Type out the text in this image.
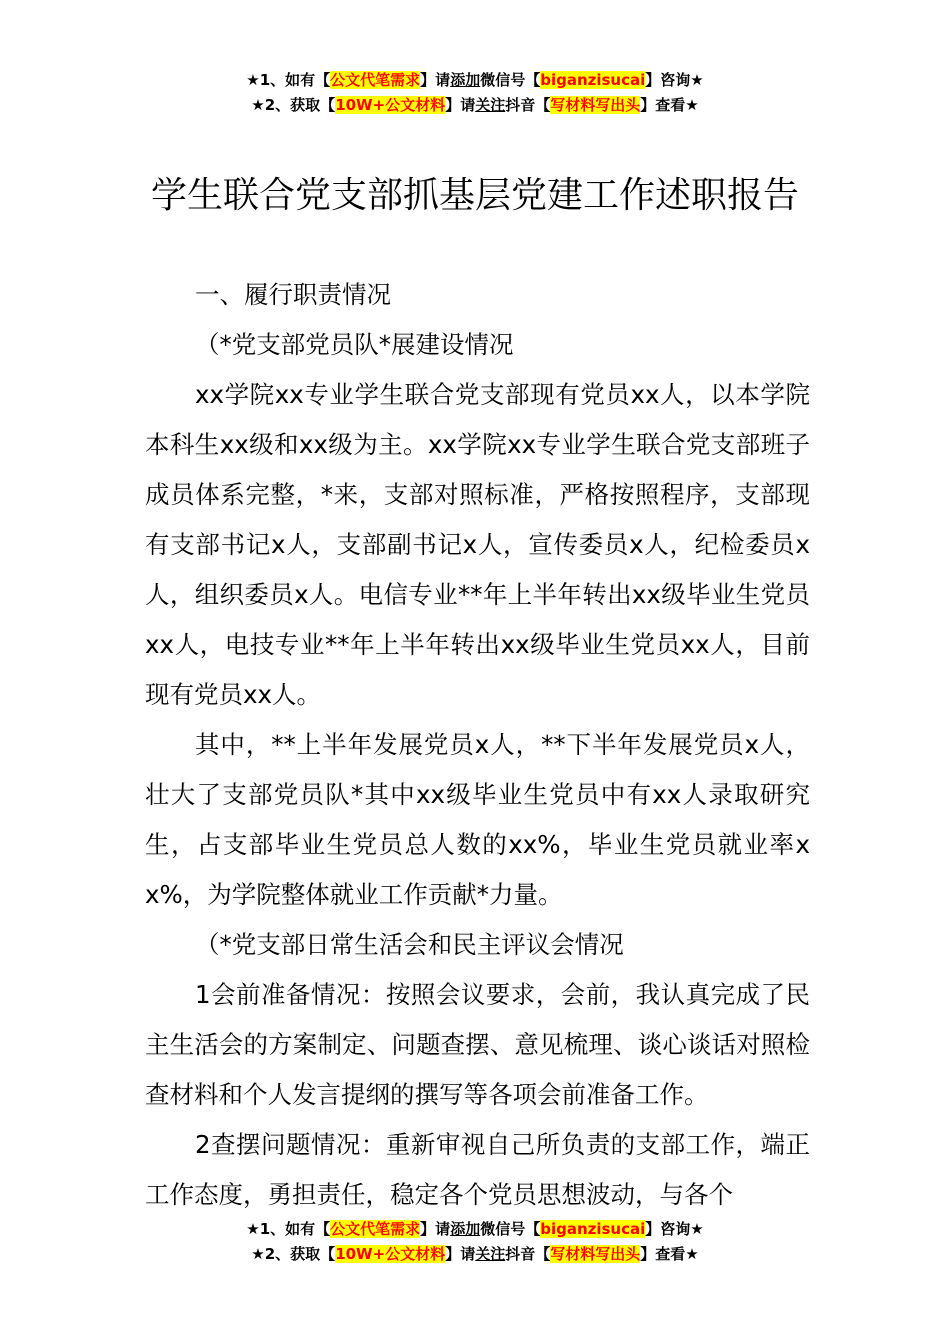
★1、如有【公文代笔需求】请添加微信号【biganzisucai】咨询★
★2、获取【10W+公文材料】请关注抖音【写材料写出头】查看★
学生联合党支部抓基层党建工作述职报告

一、履行职责情况

（*党支部党员队*展建设情况

xx学院xx专业学生联合党支部现有党员xx人，以本学院本科生xx级和xx级为主。xx学院xx专业学生联合党支部班子成员体系完整，*来，支部对照标准，严格按照程序，支部现有支部书记x人，支部副书记x人，宣传委员x人，纪检委员x人，组织委员x人。电信专业**年上半年转出xx级毕业生党员xx人，电技专业**年上半年转出xx级毕业生党员xx人，目前现有党员xx人。

其中，**上半年发展党员x人，**下半年发展党员x人，壮大了支部党员队*其中xx级毕业生党员中有xx人录取研究生，占支部毕业生党员总人数的xx%，毕业生党员就业率xx%，为学院整体就业工作贡献*力量。

（*党支部日常生活会和民主评议会情况

1会前准备情况：按照会议要求，会前，我认真完成了民主生活会的方案制定、问题查摆、意见梳理、谈心谈话对照检查材料和个人发言提纲的撰写等各项会前准备工作。

2查摆问题情况：重新审视自己所负责的支部工作，端正工作态度，勇担责任，稳定各个党员思想波动，与各个

★1、如有【公文代笔需求】请添加微信号【biganzisucai】咨询★
★2、获取【10W+公文材料】请关注抖音【写材料写出头】查看★
